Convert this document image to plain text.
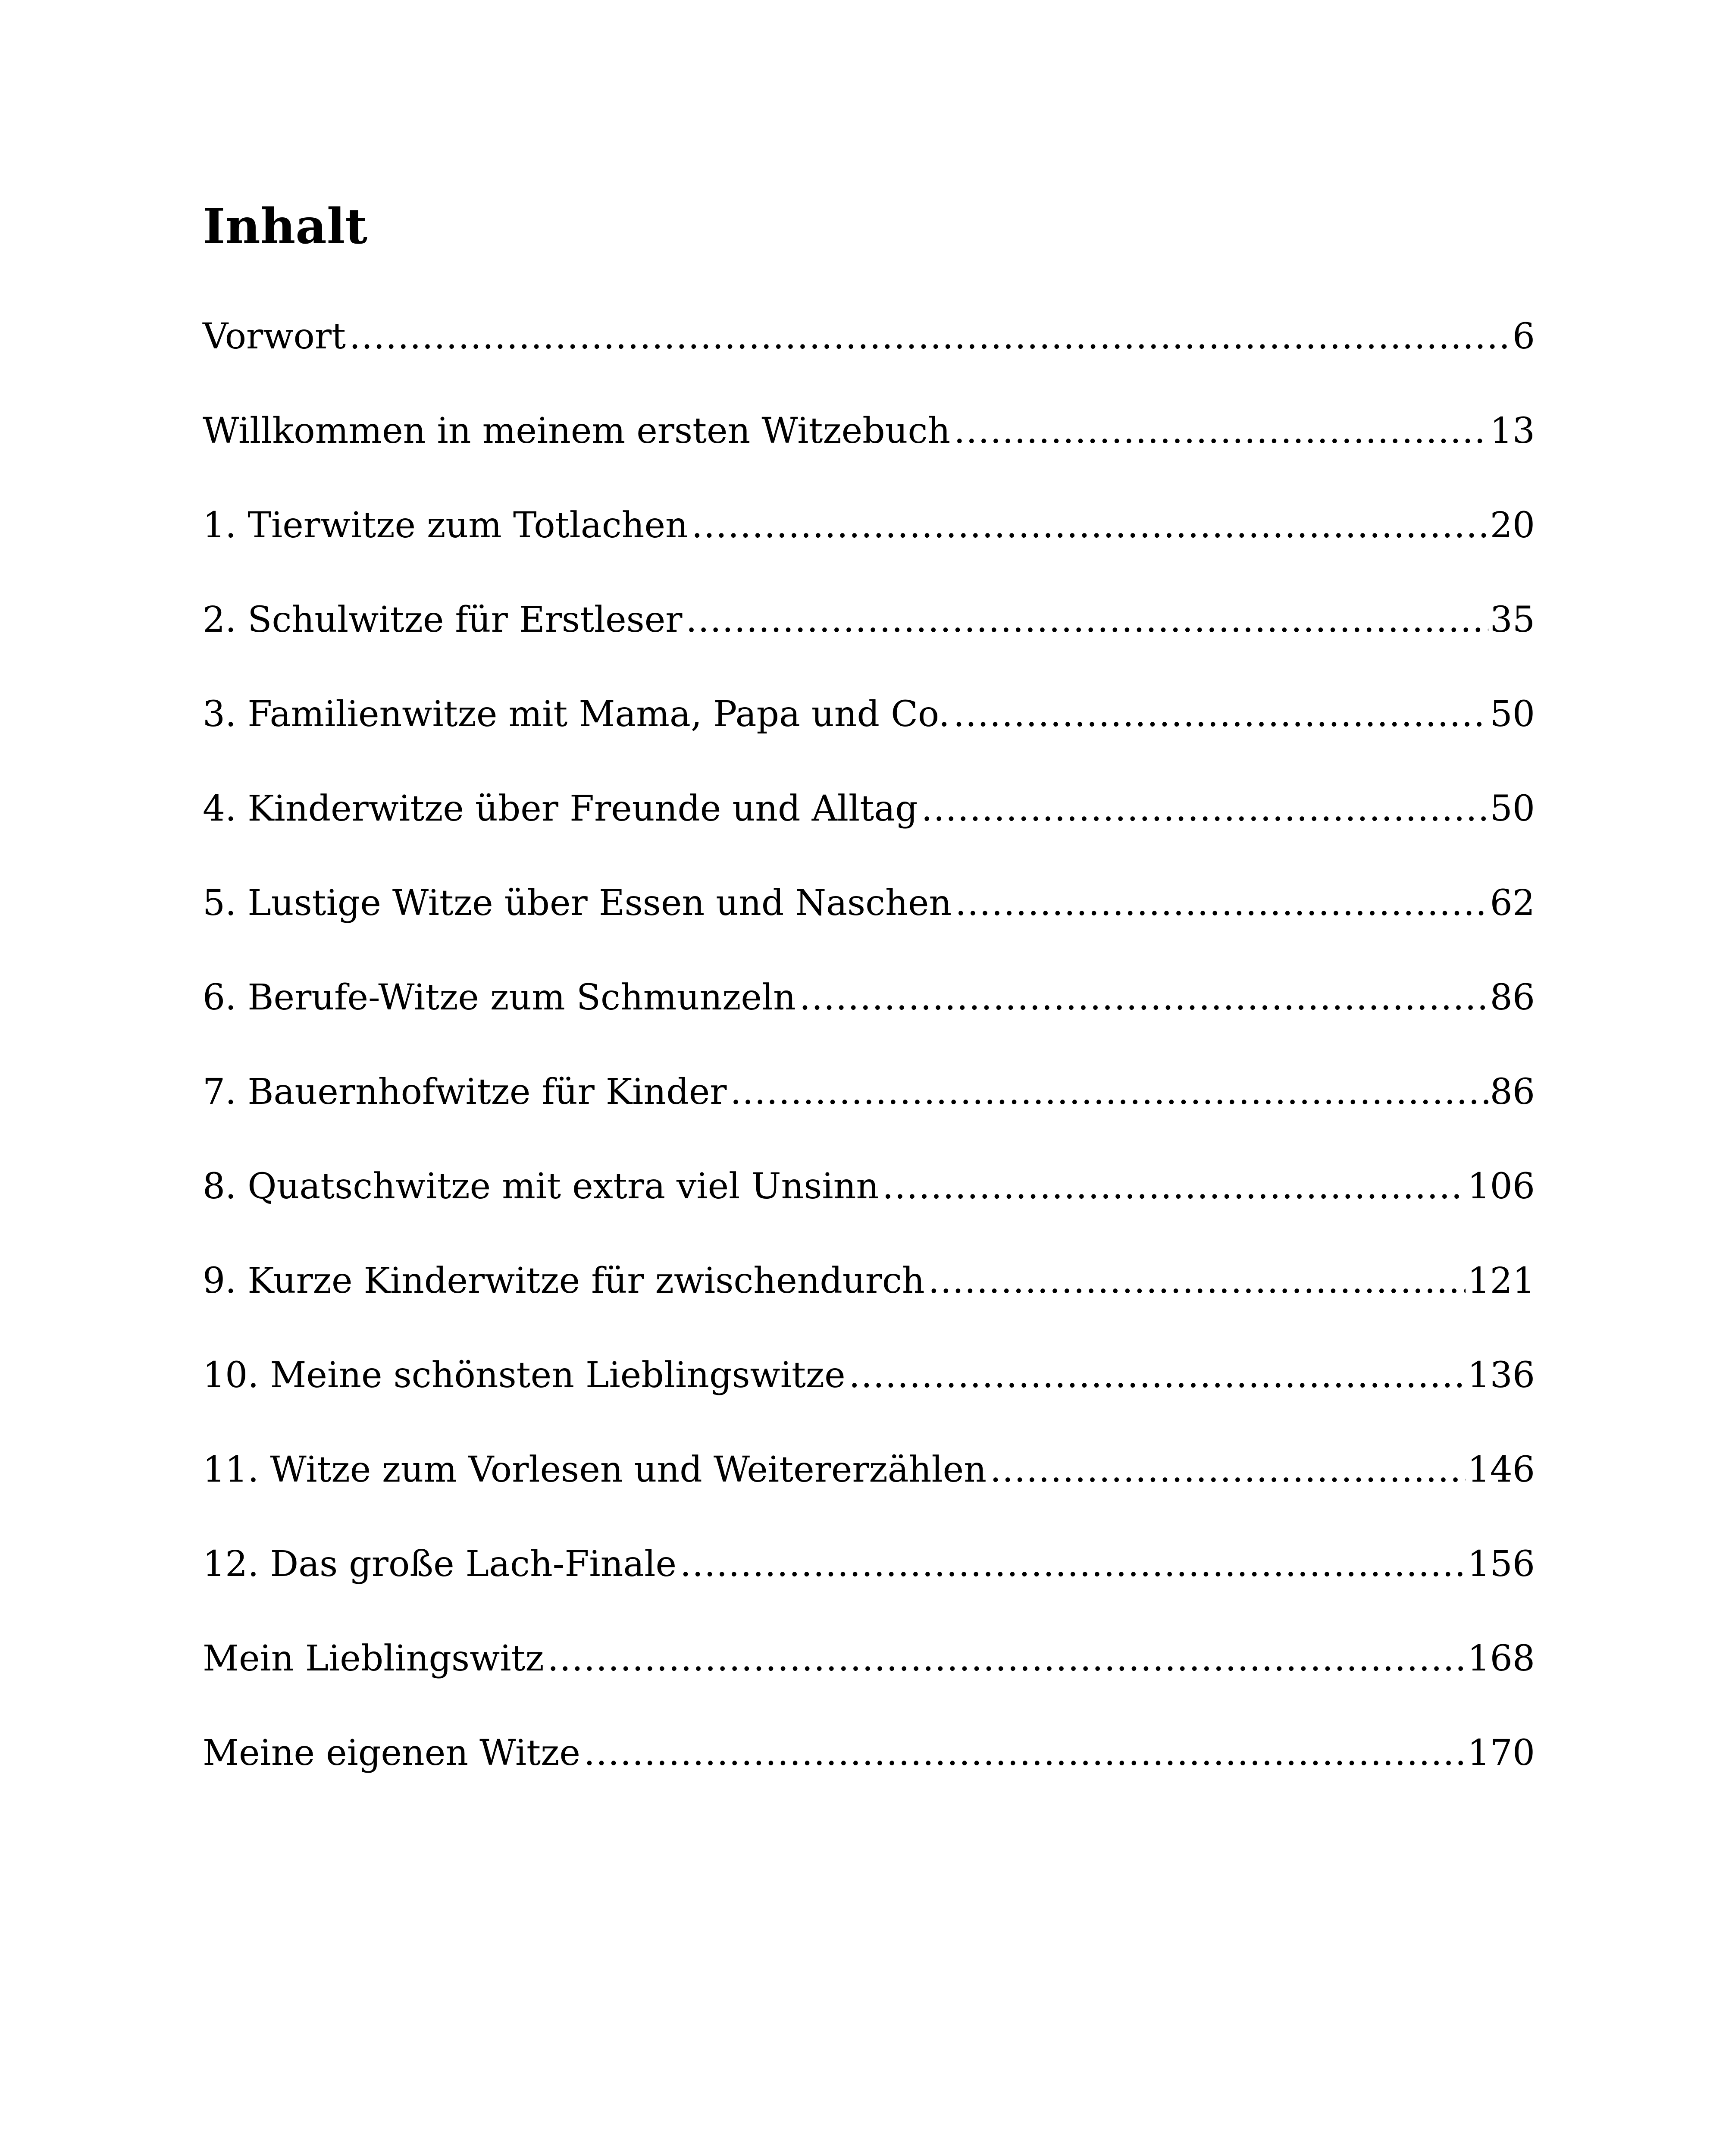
Inhalt
Vorwort .....	6
Willkommen in meinem ersten Witzebuch .....	13
1. Tierwitze zum Totlachen .....	20
2. Schulwitze für Erstleser .....	35
3. Familienwitze mit Mama, Papa und Co. .....	50
4. Kinderwitze über Freunde und Alltag .....	50
5. Lustige Witze über Essen und Naschen .....	62
6. Berufe-Witze zum Schmunzeln .....	86
7. Bauernhofwitze für Kinder .....	86
8. Quatschwitze mit extra viel Unsinn .....	106
9. Kurze Kinderwitze für zwischendurch .....	121
10. Meine schönsten Lieblingswitze .....	136
11. Witze zum Vorlesen und Weitererzählen .....	146
12. Das große Lach-Finale .....	156
Mein Lieblingswitz .....	168
Meine eigenen Witze .....	170
